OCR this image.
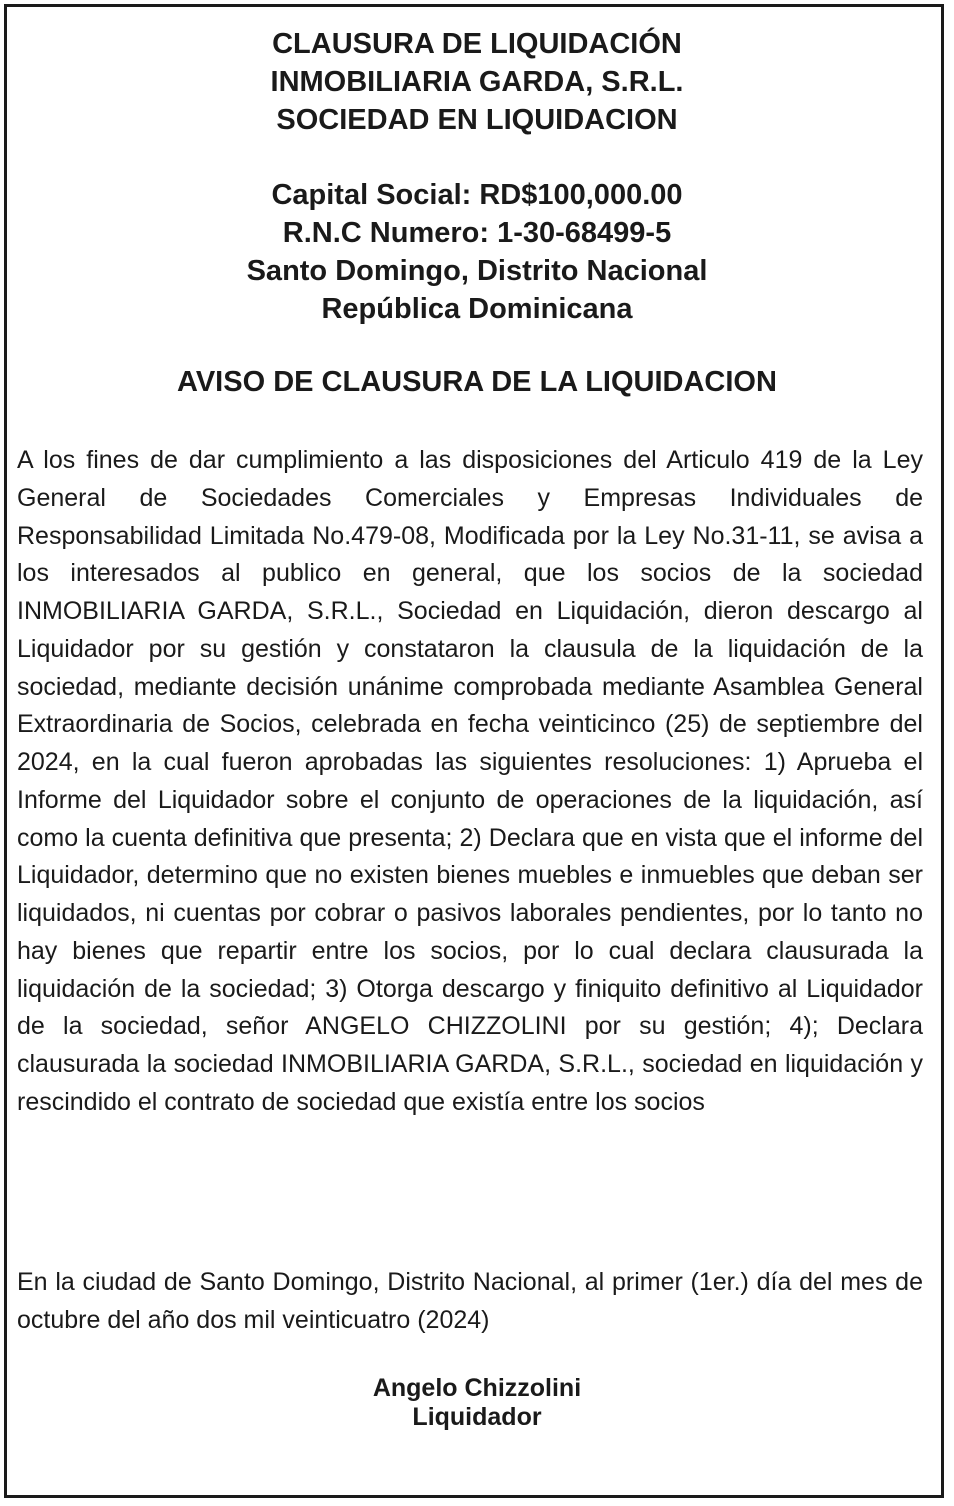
CLAUSURA DE LIQUIDACIÓN
INMOBILIARIA GARDA, S.R.L.
SOCIEDAD EN LIQUIDACION
Capital Social: RD$100,000.00
R.N.C Numero: 1-30-68499-5
Santo Domingo, Distrito Nacional
República Dominicana
AVISO DE CLAUSURA DE LA LIQUIDACION

A los fines de dar cumplimiento a las disposiciones del Articulo 419 de la Ley General de Sociedades Comerciales y Empresas Individuales de Responsabilidad Limitada No.479-08, Modificada por la Ley No.31-11, se avisa a los interesados al publico en general, que los socios de la sociedad INMOBILIARIA GARDA, S.R.L., Sociedad en Liquidación, dieron descargo al Liquidador por su gestión y constataron la clausula de la liquidación de la sociedad, mediante decisión unánime comprobada mediante Asamblea General Extraordinaria de Socios, celebrada en fecha veinticinco (25) de septiembre del 2024, en la cual fueron aprobadas las siguientes resoluciones: 1) Aprueba el Informe del Liquidador sobre el conjunto de operaciones de la liquidación, así como la cuenta definitiva que presenta; 2) Declara que en vista que el informe del Liquidador, determino que no existen bienes muebles e inmuebles que deban ser liquidados, ni cuentas por cobrar o pasivos laborales pendientes, por lo tanto no hay bienes que repartir entre los socios, por lo cual declara clausurada la liquidación de la sociedad; 3) Otorga descargo y finiquito definitivo al Liquidador de la sociedad, señor ANGELO CHIZZOLINI por su gestión; 4); Declara clausurada la sociedad INMOBILIARIA GARDA, S.R.L., sociedad en liquidación y rescindido el contrato de sociedad que existía entre los socios

En la ciudad de Santo Domingo, Distrito Nacional, al primer (1er.) día del mes de octubre del año dos mil veinticuatro (2024)

Angelo Chizzolini
Liquidador
